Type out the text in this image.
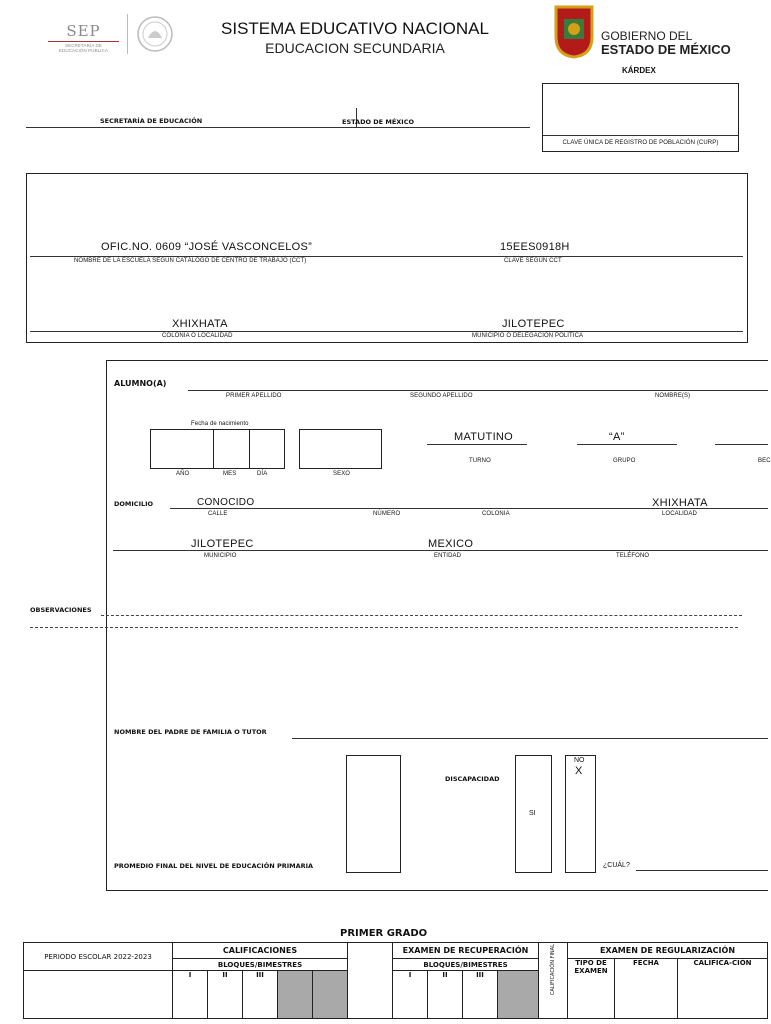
SEP
SECRETARÍA DE
EDUCACIÓN PÚBLICA
SISTEMA EDUCATIVO NACIONAL
EDUCACION SECUNDARIA
GOBIERNO DEL
ESTADO DE MÉXICO
KÁRDEX
SECRETARÍA DE EDUCACIÓN	ESTADO DE MÉXICO
CLAVE ÚNICA DE REGISTRO DE POBLACIÓN (CURP)
OFIC.NO. 0609 “JOSÉ VASCONCELOS”
NOMBRE DE LA ESCUELA SEGÚN CATÁLOGO DE CENTRO DE TRABAJO (CCT)
15EES0918H
CLAVE SEGÚN CCT
XHIXHATA
COLONIA O LOCALIDAD
JILOTEPEC
MUNICIPIO O DELEGACIÓN POLÍTICA
ALUMNO(A)
PRIMER APELLIDO	SEGUNDO APELLIDO	NOMBRE(S)
Fecha de nacimiento
AÑO	MES	DÍA	SEXO
MATUTINO
TURNO
“A”
GRUPO	BEC
DOMICILIO	CONOCIDO
CALLE	NÚMERO	COLONIA
XHIXHATA
LOCALIDAD
JILOTEPEC
MUNICIPIO
MEXICO
ENTIDAD	TELÉFONO
OBSERVACIONES
NOMBRE DEL PADRE DE FAMILIA O TUTOR
DISCAPACIDAD
SI
NO
X
PROMEDIO FINAL DEL NIVEL DE EDUCACIÓN PRIMARIA	¿CUÁL?
PRIMER GRADO
PERIODO ESCOLAR 2022-2023	CALIFICACIONES						EXAMEN DE RECUPERACIÓN				CALIFICACIÓN FINAL	EXAMEN DE REGULARIZACIÓN		
	BLOQUES/BIMESTRES						BLOQUES/BIMESTRES					TIPO DE EXAMEN	FECHA	CALIFICA-CIÓN
	I	II	III				I	II	III					
